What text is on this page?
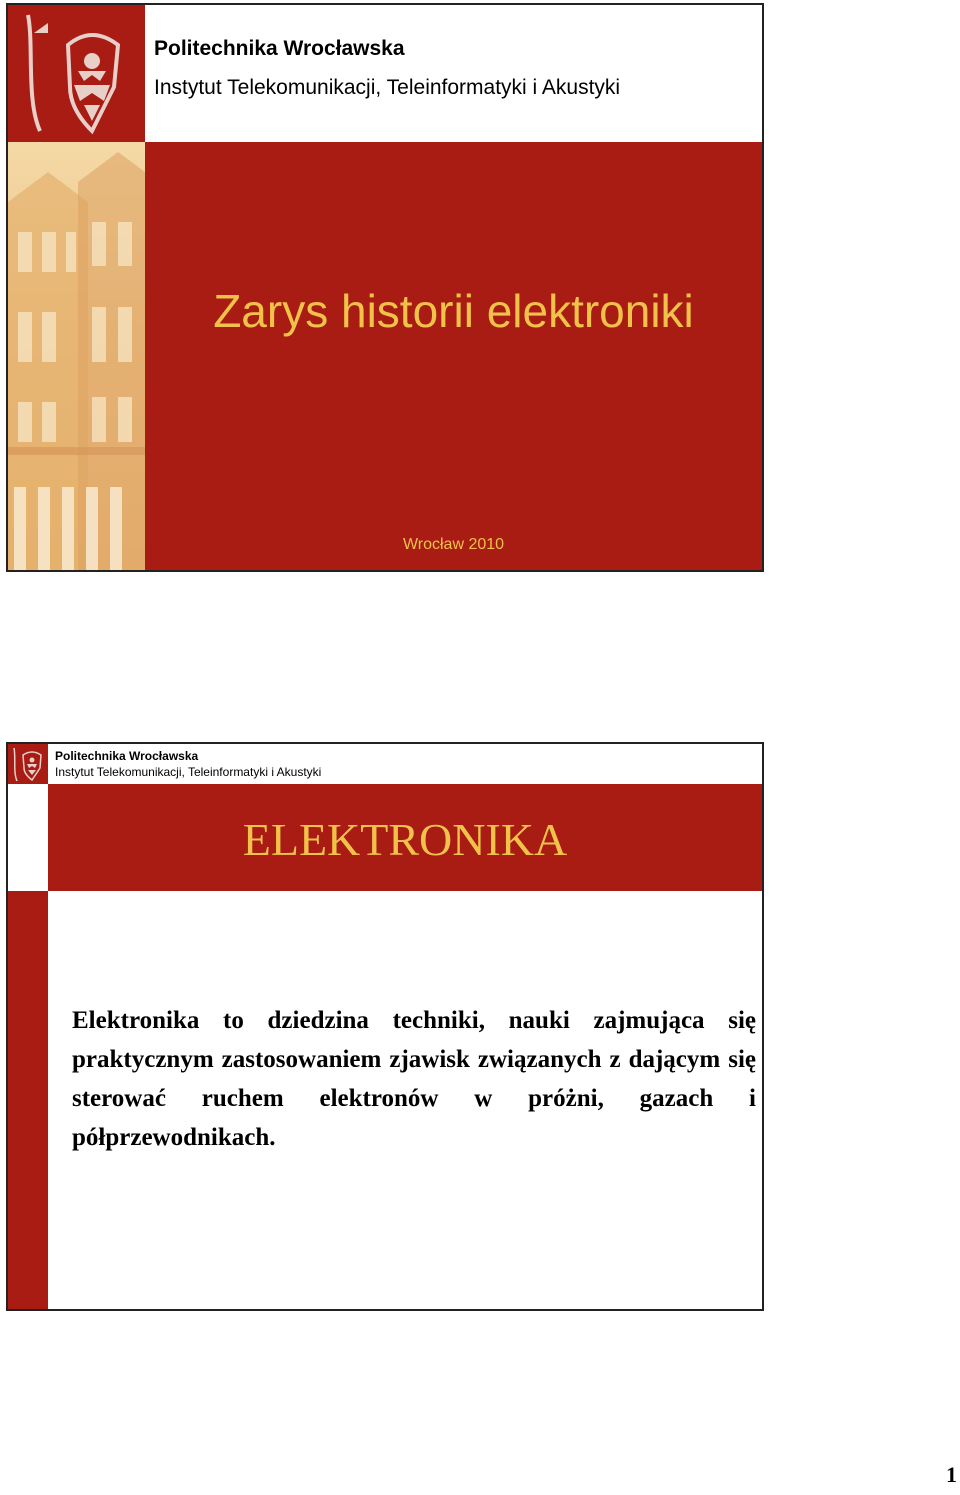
Politechnika Wrocławska
Instytut Telekomunikacji, Teleinformatyki i Akustyki
Zarys historii elektroniki
Wrocław 2010
Politechnika Wrocławska
Instytut Telekomunikacji, Teleinformatyki i Akustyki
ELEKTRONIKA
Elektronika to dziedzina techniki, nauki zajmująca się praktycznym zastosowaniem zjawisk związanych z dającym się sterować ruchem elektronów w próżni, gazach i półprzewodnikach.
1
